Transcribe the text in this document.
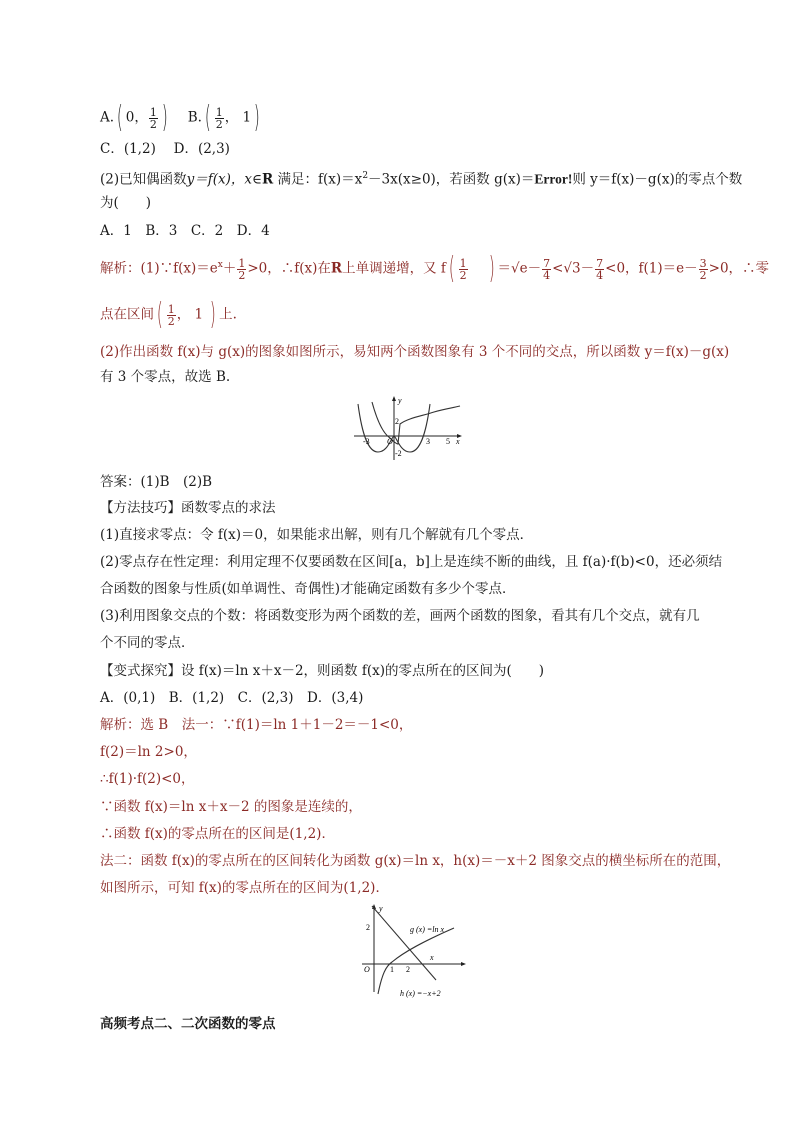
A.( 0， $\frac{1}{2}$ ) $B.( \frac{1}{2}$ ， 1)
C．(1,2)　 D．(2,3)
(2)已知偶函数y＝f(x)，x∈R 满足：$f(x)=x^2-3x(x\ge 0)$，若函数 g(x)＝Error!则 y＝f(x)－g(x)的零点个数
为(　　)
A．1　B．3　C．2　D．4
解析：$(1)\because f(x)=e^x+ \frac{1}{2} >0$，∴f(x)在R上单调递增，又 $f( \frac{1}{2}$ ) $=√e- \frac{7}{4} <√3- \frac{7}{4} <0$，$f(1)=e- \frac{3}{2} >0$，∴零
点在区间( $\frac{1}{2}$ ， 1 ) 上.
(2)作出函数 f(x)与 g(x)的图象如图所示，易知两个函数图象有 3 个不同的交点，所以函数 y＝f(x)－g(x)
有 3 个零点，故选 B.
y
x
O
-3
2
3 5
-2
答案：(1)B　(2)B
【方法技巧】函数零点的求法
(1)直接求零点：令 f(x)＝0，如果能求出解，则有几个解就有几个零点．
(2)零点存在性定理：利用定理不仅要函数在区间[a，b]上是连续不断的曲线，且 f(a)·f(b)<0，还必须结
合函数的图象与性质(如单调性、奇偶性)才能确定函数有多少个零点．
(3)利用图象交点的个数：将函数变形为两个函数的差，画两个函数的图象，看其有几个交点，就有几
个不同的零点．
【变式探究】设 f(x)＝ln x＋x－2，则函数 f(x)的零点所在的区间为(　　)
A．(0,1)　B．(1,2)　C．(2,3)　D．(3,4)
解析：选 B　法一：∵f(1)＝ln 1＋1－2＝－1<0，
f(2)＝ln 2>0，
∴f(1)·f(2)<0，
∵函数 f(x)＝ln x＋x－2 的图象是连续的，
∴函数 f(x)的零点所在的区间是(1,2)．
法二：函数 f(x)的零点所在的区间转化为函数 g(x)＝ln x，h(x)＝－x＋2 图象交点的横坐标所在的范围，
如图所示，可知 f(x)的零点所在的区间为(1,2)．
y
x
O	1 2
2	g (x) =ln x
h (x) =−x+2
高频考点二、二次函数的零点
